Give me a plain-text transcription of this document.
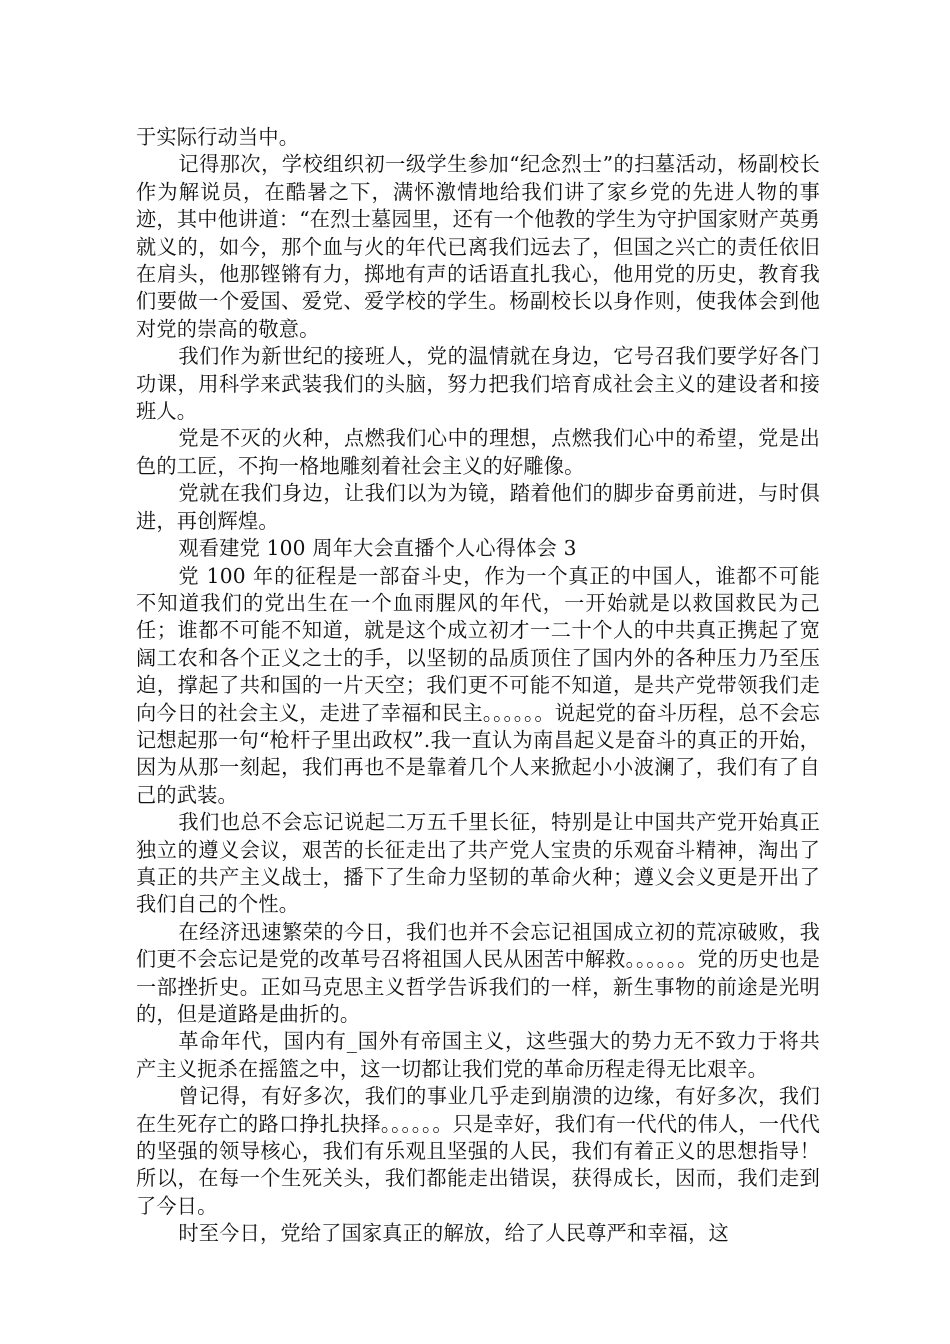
于实际行动当中。

记得那次，学校组织初一级学生参加“纪念烈士”的扫墓活动，杨副校长作为解说员，在酷暑之下，满怀激情地给我们讲了家乡党的先进人物的事迹，其中他讲道：“在烈士墓园里，还有一个他教的学生为守护国家财产英勇就义的，如今，那个血与火的年代已离我们远去了，但国之兴亡的责任依旧在肩头，他那铿锵有力，掷地有声的话语直扎我心，他用党的历史，教育我们要做一个爱国、爱党、爱学校的学生。杨副校长以身作则，使我体会到他对党的崇高的敬意。

我们作为新世纪的接班人，党的温情就在身边，它号召我们要学好各门功课，用科学来武装我们的头脑，努力把我们培育成社会主义的建设者和接班人。

党是不灭的火种，点燃我们心中的理想，点燃我们心中的希望，党是出色的工匠，不拘一格地雕刻着社会主义的好雕像。

党就在我们身边，让我们以为为镜，踏着他们的脚步奋勇前进，与时俱进，再创辉煌。

观看建党 100 周年大会直播个人心得体会 3

党 100 年的征程是一部奋斗史，作为一个真正的中国人，谁都不可能不知道我们的党出生在一个血雨腥风的年代，一开始就是以救国救民为己任；谁都不可能不知道，就是这个成立初才一二十个人的中共真正携起了宽阔工农和各个正义之士的手，以坚韧的品质顶住了国内外的各种压力乃至压迫，撑起了共和国的一片天空；我们更不可能不知道，是共产党带领我们走向今日的社会主义，走进了幸福和民主。。。。。。说起党的奋斗历程，总不会忘记想起那一句“枪杆子里出政权”.我一直认为南昌起义是奋斗的真正的开始，因为从那一刻起，我们再也不是靠着几个人来掀起小小波澜了，我们有了自己的武装。

我们也总不会忘记说起二万五千里长征，特别是让中国共产党开始真正独立的遵义会议，艰苦的长征走出了共产党人宝贵的乐观奋斗精神，淘出了真正的共产主义战士，播下了生命力坚韧的革命火种；遵义会义更是开出了我们自己的个性。

在经济迅速繁荣的今日，我们也并不会忘记祖国成立初的荒凉破败，我们更不会忘记是党的改革号召将祖国人民从困苦中解救。。。。。。党的历史也是一部挫折史。正如马克思主义哲学告诉我们的一样，新生事物的前途是光明的，但是道路是曲折的。

革命年代，国内有_国外有帝国主义，这些强大的势力无不致力于将共产主义扼杀在摇篮之中，这一切都让我们党的革命历程走得无比艰辛。

曾记得，有好多次，我们的事业几乎走到崩溃的边缘，有好多次，我们在生死存亡的路口挣扎抉择。。。。。。只是幸好，我们有一代代的伟人，一代代的坚强的领导核心，我们有乐观且坚强的人民，我们有着正义的思想指导！所以，在每一个生死关头，我们都能走出错误，获得成长，因而，我们走到了今日。

时至今日，党给了国家真正的解放，给了人民尊严和幸福，这
